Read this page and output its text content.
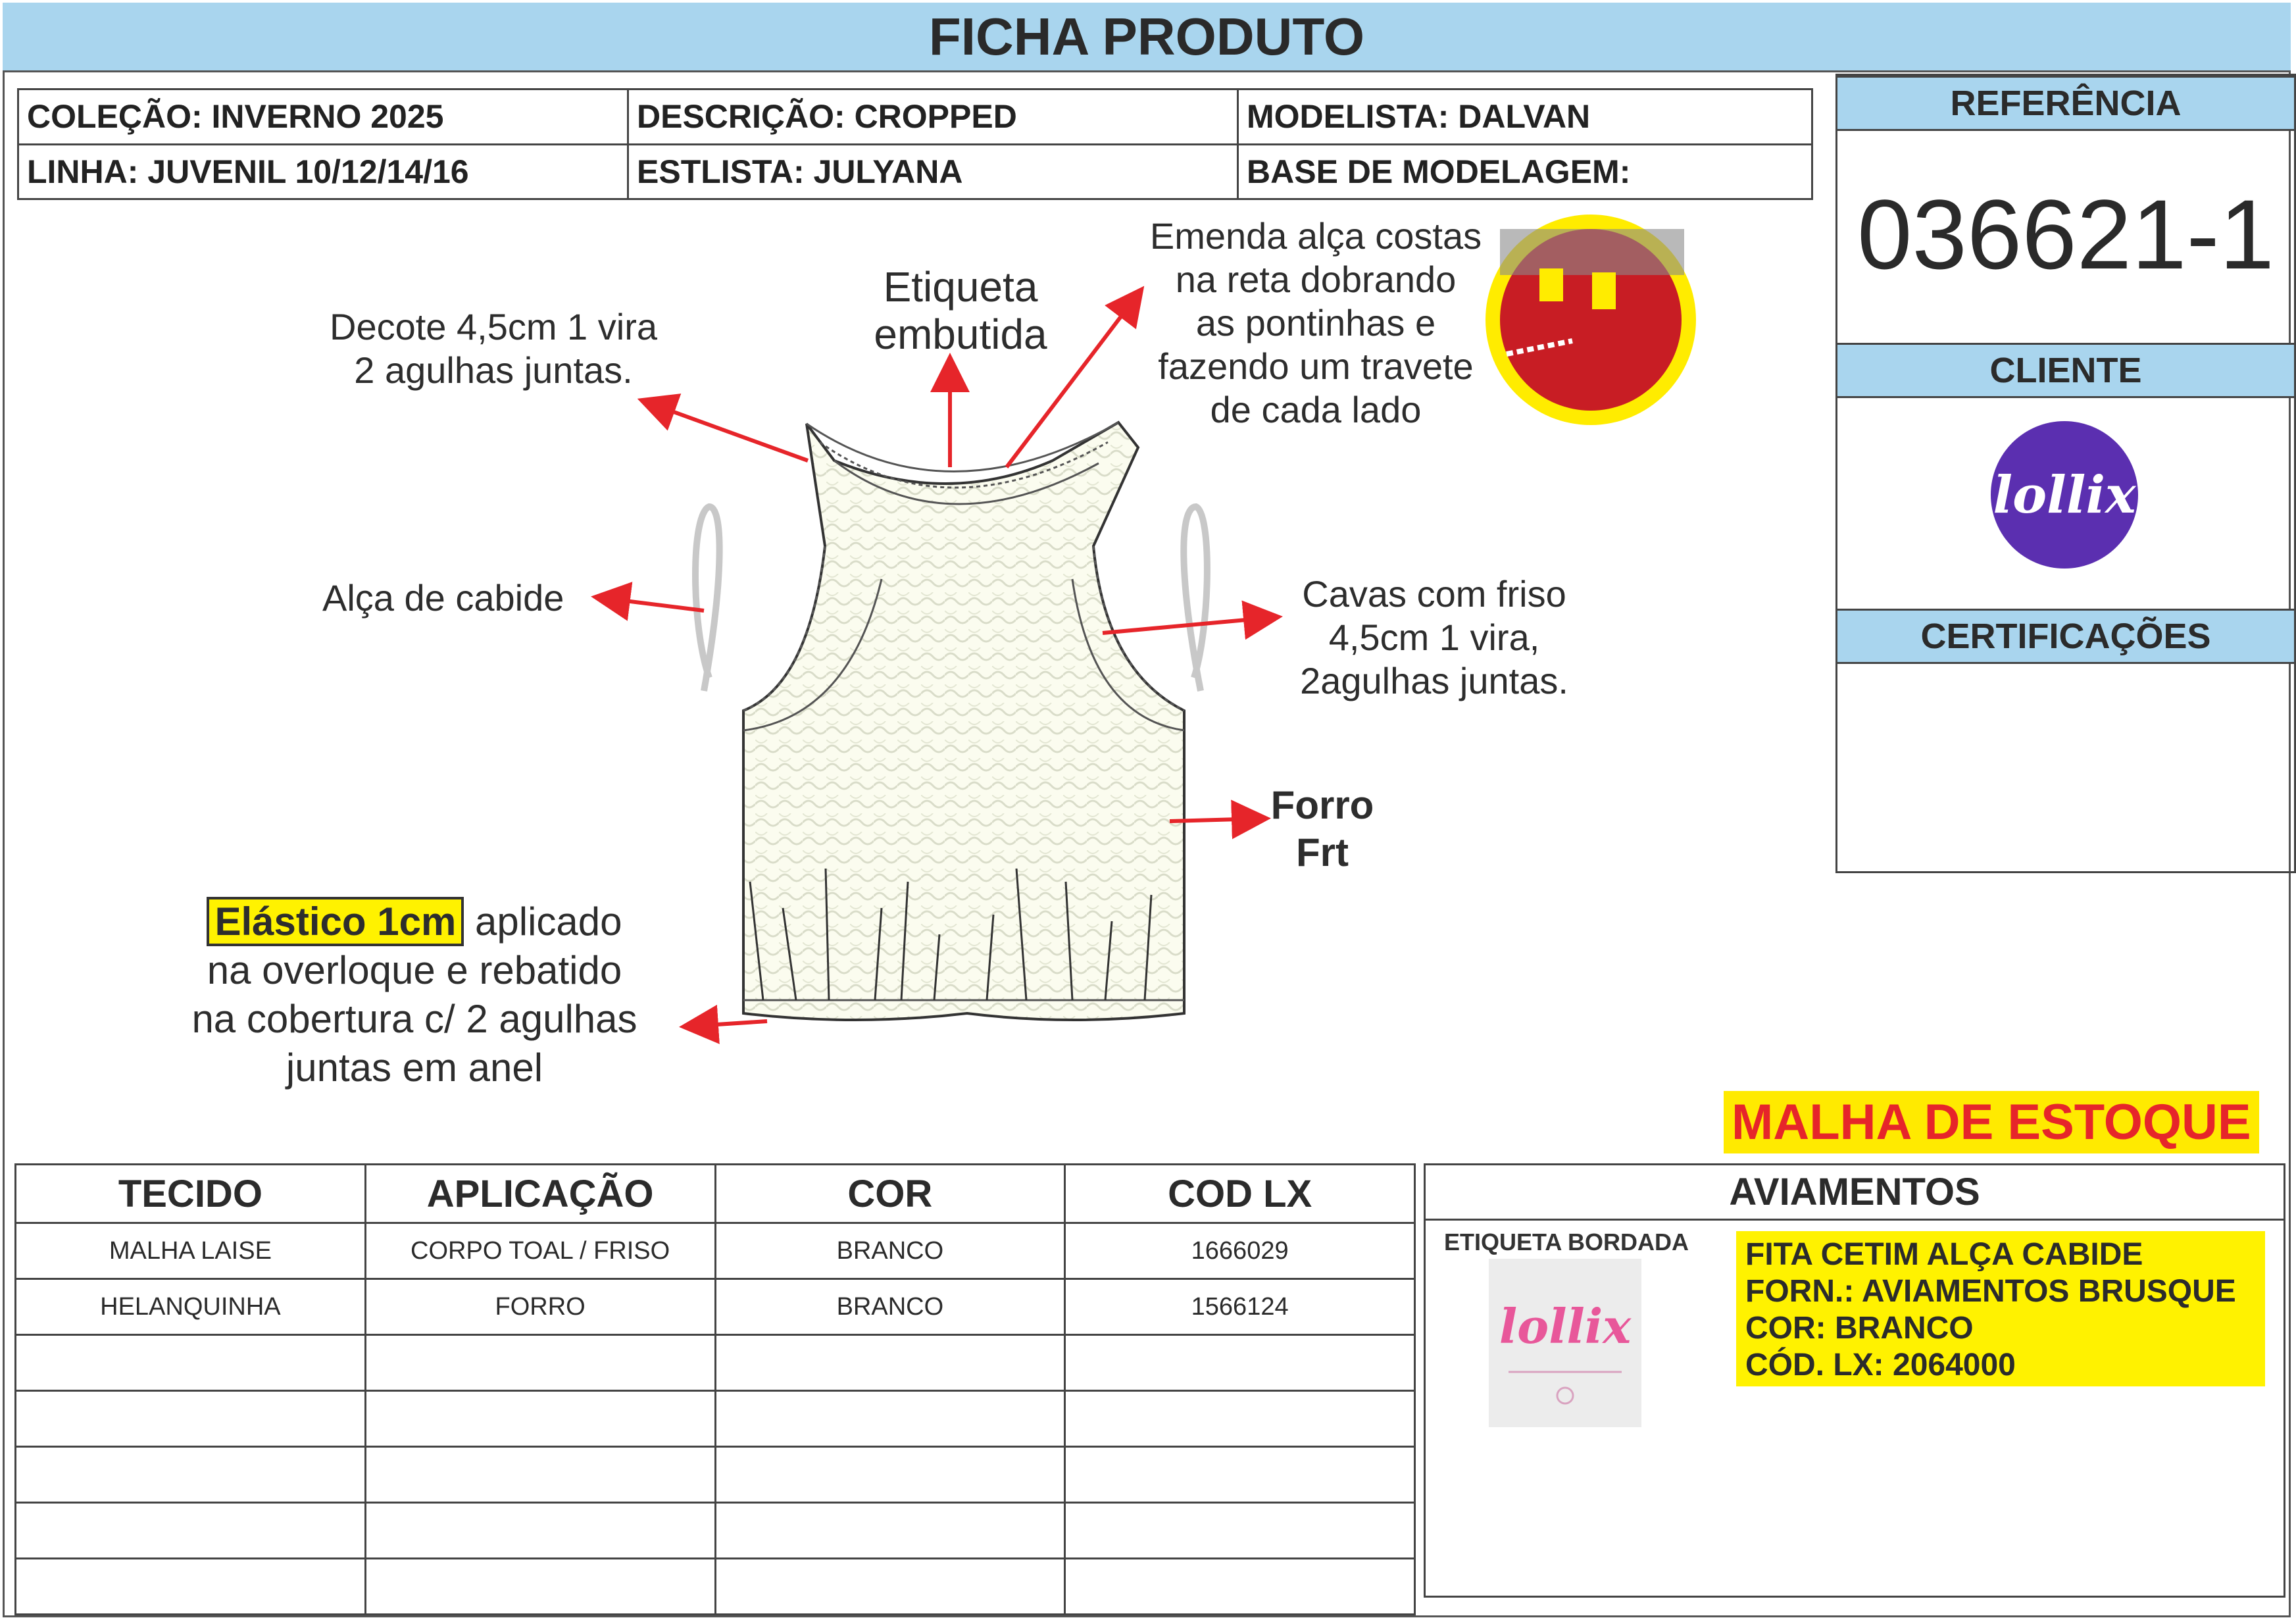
FICHA PRODUTO
COLEÇÃO: INVERNO 2025	DESCRIÇÃO: CROPPED	MODELISTA: DALVAN
LINHA: JUVENIL 10/12/14/16	ESTLISTA: JULYANA	BASE DE MODELAGEM:
REFERÊNCIA
036621-1
CLIENTE
lollix
CERTIFICAÇÕES
Decote 4,5cm 1 vira
2 agulhas juntas.
Etiqueta
embutida
Emenda alça costas
na reta dobrando
as pontinhas e
fazendo um travete
de cada lado
Alça de cabide	Cavas com friso
4,5cm 1 vira,
2agulhas juntas.
Forro
Frt
Elástico 1cm aplicado
na overloque e rebatido
na cobertura c/ 2 agulhas
juntas em anel
MALHA DE ESTOQUE
TECIDO	APLICAÇÃO	COR	COD LX
MALHA LAISE	CORPO TOAL / FRISO	BRANCO	1666029
HELANQUINHA	FORRO	BRANCO	1566124

AVIAMENTOS
ETIQUETA BORDADA
lollix
FITA CETIM ALÇA CABIDE
FORN.: AVIAMENTOS BRUSQUE
COR: BRANCO
CÓD. LX: 2064000
